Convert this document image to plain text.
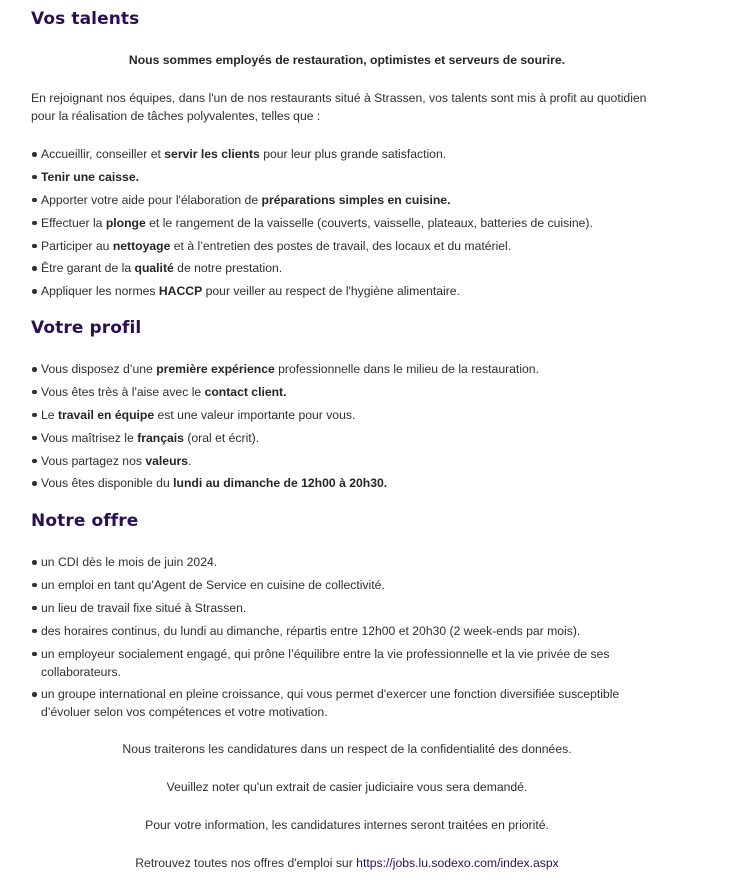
Vos talents

Nous sommes employés de restauration, optimistes et serveurs de sourire.

En rejoignant nos équipes, dans l'un de nos restaurants situé à Strassen, vos talents sont mis à profit au quotidien pour la réalisation de tâches polyvalentes, telles que :

Accueillir, conseiller et servir les clients pour leur plus grande satisfaction.
Tenir une caisse.
Apporter votre aide pour l'élaboration de préparations simples en cuisine.
Effectuer la plonge et le rangement de la vaisselle (couverts, vaisselle, plateaux, batteries de cuisine).
Participer au nettoyage et à l’entretien des postes de travail, des locaux et du matériel.
Être garant de la qualité de notre prestation.
Appliquer les normes HACCP pour veiller au respect de l'hygiène alimentaire.
Votre profil
Vous disposez d’une première expérience professionnelle dans le milieu de la restauration.
Vous êtes très à l'aise avec le contact client.
Le travail en équipe est une valeur importante pour vous.
Vous maîtrisez le français (oral et écrit).
Vous partagez nos valeurs.
Vous êtes disponible du lundi au dimanche de 12h00 à 20h30.
Notre offre
un CDI dès le mois de juin 2024.
un emploi en tant qu'Agent de Service en cuisine de collectivité.
un lieu de travail fixe situé à Strassen.
des horaires continus, du lundi au dimanche, répartis entre 12h00 et 20h30 (2 week-ends par mois).
un employeur socialement engagé, qui prône l’équilibre entre la vie professionnelle et la vie privée de ses collaborateurs.
un groupe international en pleine croissance, qui vous permet d'exercer une fonction diversifiée susceptible d’évoluer selon vos compétences et votre motivation.

Nous traiterons les candidatures dans un respect de la confidentialité des données.

Veuillez noter qu'un extrait de casier judiciaire vous sera demandé.

Pour votre information, les candidatures internes seront traitées en priorité.

Retrouvez toutes nos offres d'emploi sur https://jobs.lu.sodexo.com/index.aspx
